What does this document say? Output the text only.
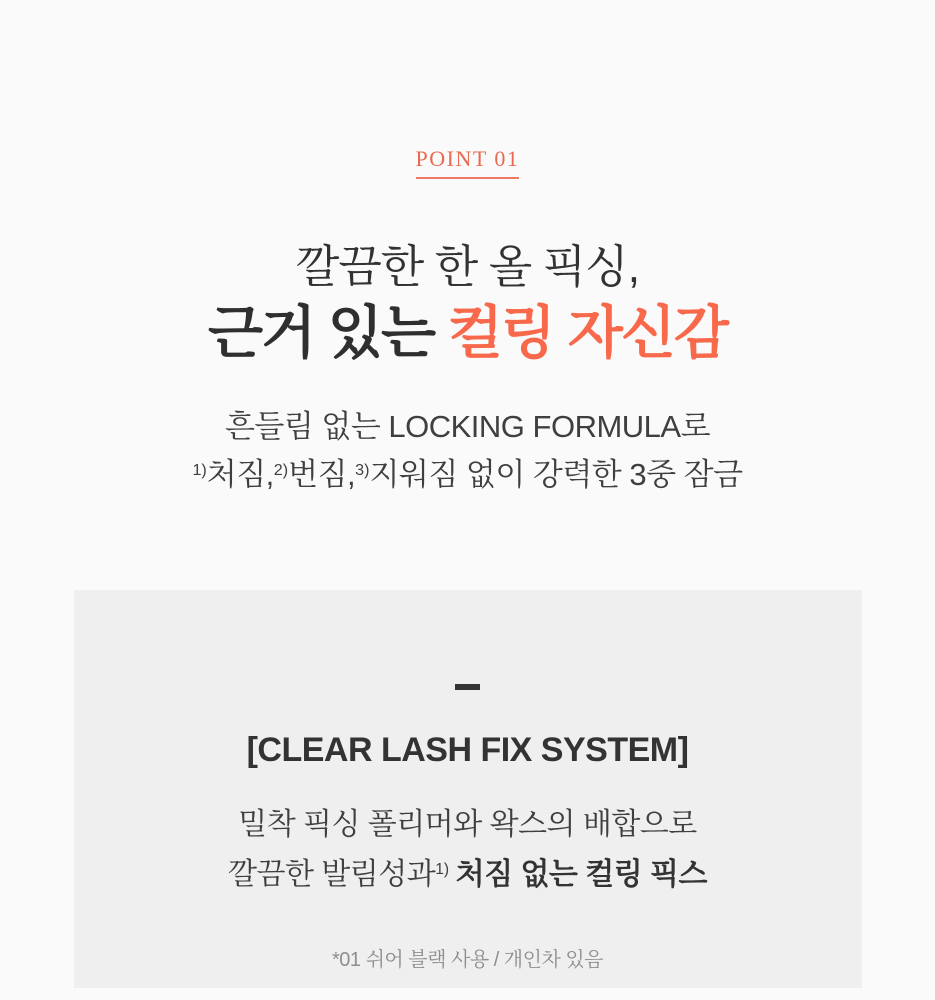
POINT 01
깔끔한 한 올 픽싱,
근거 있는 컬링 자신감
흔들림 없는 LOCKING FORMULA로
$^{1)}$처짐,$^{2)}$번짐,$^{3)}$지워짐 없이 강력한 3중 잠금
[CLEAR LASH FIX SYSTEM]
밀착 픽싱 폴리머와 왁스의 배합으로
깔끔한 발림성과$^{1)}$ 처짐 없는 컬링 픽스
*01 쉬어 블랙 사용 / 개인차 있음
